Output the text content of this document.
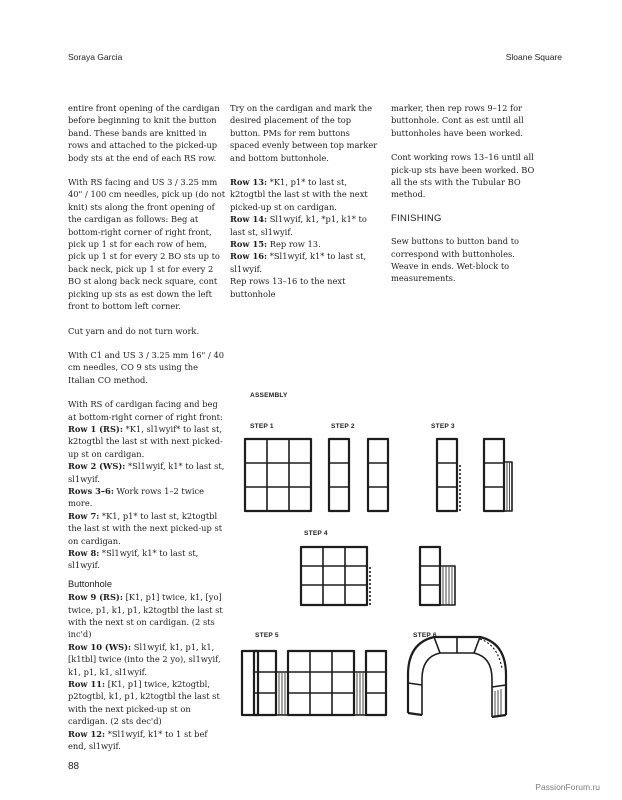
Soraya Garcia	Sloane Square

entire front opening of the cardigan before beginning to knit the button band. These bands are knitted in rows and attached to the picked-up body sts at the end of each RS row.

With RS facing and US 3 / 3.25 mm 40" / 100 cm needles, pick up (do not knit) sts along the front opening of the cardigan as follows: Beg at bottom-right corner of right front, pick up 1 st for each row of hem, pick up 1 st for every 2 BO sts up to back neck, pick up 1 st for every 2 BO st along back neck square, cont picking up sts as est down the left front to bottom left corner.

Cut yarn and do not turn work.

With C1 and US 3 / 3.25 mm 16" / 40 cm needles, CO 9 sts using the Italian CO method.

With RS of cardigan facing and beg at bottom-right corner of right front:

Row 1 (RS): *K1, sl1wyif* to last st, k2togtbl the last st with next picked-up st on cardigan.
Row 2 (WS): *Sl1wyif, k1* to last st, sl1wyif.
Rows 3–6: Work rows 1–2 twice more.
Row 7: *K1, p1* to last st, k2togtbl the last st with the next picked-up st on cardigan.
Row 8: *Sl1wyif, k1* to last st, sl1wyif.
Buttonhole
Row 9 (RS): [K1, p1] twice, k1, [yo] twice, p1, k1, p1, k2togtbl the last st with the next st on cardigan. (2 sts inc'd)
Row 10 (WS): Sl1wyif, k1, p1, k1, [k1tbl] twice (into the 2 yo), sl1wyif, k1, p1, k1, sl1wyif.
Row 11: [K1, p1] twice, k2togtbl, p2togtbl, k1, p1, k2togtbl the last st with the next picked-up st on cardigan. (2 sts dec'd)
Row 12: *Sl1wyif, k1* to 1 st bef end, sl1wyif.

Try on the cardigan and mark the desired placement of the top button. PMs for rem buttons spaced evenly between top marker and bottom buttonhole.

Row 13: *K1, p1* to last st, k2togtbl the last st with the next picked-up st on cardigan.
Row 14: Sl1wyif, k1, *p1, k1* to last st, sl1wyif.
Row 15: Rep row 13.
Row 16: *Sl1wyif, k1* to last st, sl1wyif.
Rep rows 13–16 to the next buttonhole

marker, then rep rows 9–12 for buttonhole. Cont as est until all buttonholes have been worked.

Cont working rows 13–16 until all pick-up sts have been worked. BO all the sts with the Tubular BO method.

FINISHING

Sew buttons to button band to correspond with buttonholes. Weave in ends. Wet-block to measurements.

ASSEMBLY
STEP 1	STEP 2	STEP 3
STEP 4
STEP 5	STEP 6
88
PassionForum.ru
